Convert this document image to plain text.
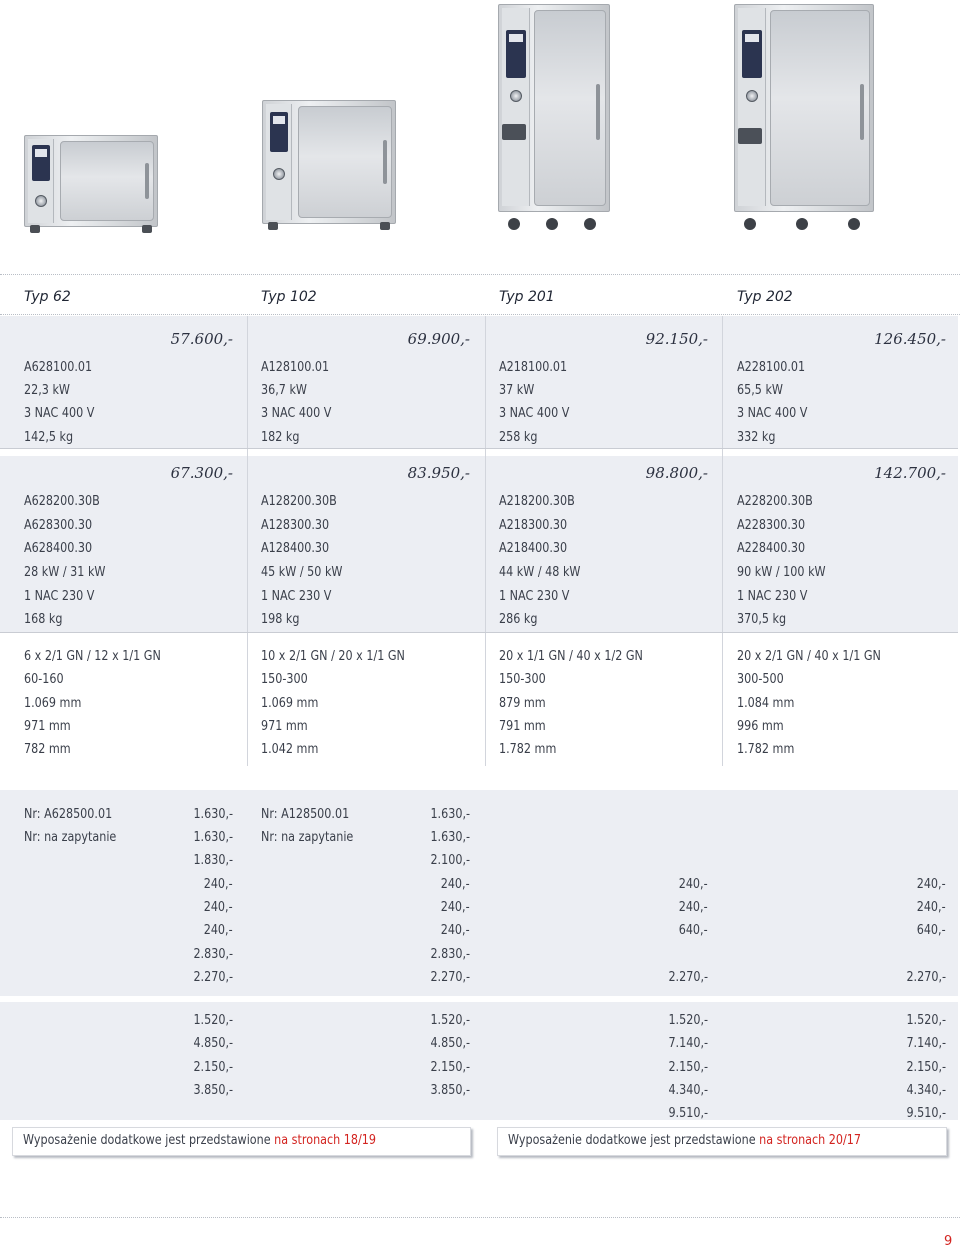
Typ 62
57.600,-
A628100.01
22,3 kW
3 NAC 400 V
142,5 kg
67.300,-
A628200.30B
A628300.30
A628400.30
28 kW / 31 kW
1 NAC 230 V
168 kg
6 x 2/1 GN / 12 x 1/1 GN
60-160
1.069 mm
971 mm
782 mm
Nr: A628500.01
Nr: na zapytanie
1.630,-
1.630,-
1.830,-
240,-
240,-
240,-
2.830,-
2.270,-
1.520,-
4.850,-
2.150,-
3.850,-
Typ 102
69.900,-
A128100.01
36,7 kW
3 NAC 400 V
182 kg
83.950,-
A128200.30B
A128300.30
A128400.30
45 kW / 50 kW
1 NAC 230 V
198 kg
10 x 2/1 GN / 20 x 1/1 GN
150-300
1.069 mm
971 mm
1.042 mm
Nr: A128500.01
Nr: na zapytanie
1.630,-
1.630,-
2.100,-
240,-
240,-
240,-
2.830,-
2.270,-
1.520,-
4.850,-
2.150,-
3.850,-
Typ 201
92.150,-
A218100.01
37 kW
3 NAC 400 V
258 kg
98.800,-
A218200.30B
A218300.30
A218400.30
44 kW / 48 kW
1 NAC 230 V
286 kg
20 x 1/1 GN / 40 x 1/2 GN
150-300
879 mm
791 mm
1.782 mm
240,-
240,-
640,-
2.270,-
1.520,-
7.140,-
2.150,-
4.340,-
9.510,-
Typ 202
126.450,-
A228100.01
65,5 kW
3 NAC 400 V
332 kg
142.700,-
A228200.30B
A228300.30
A228400.30
90 kW / 100 kW
1 NAC 230 V
370,5 kg
20 x 2/1 GN / 40 x 1/1 GN
300-500
1.084 mm
996 mm
1.782 mm
240,-
240,-
640,-
2.270,-
1.520,-
7.140,-
2.150,-
4.340,-
9.510,-
Wyposażenie dodatkowe jest przedstawione na stronach 18/19	Wyposażenie dodatkowe jest przedstawione na stronach 20/17
9
